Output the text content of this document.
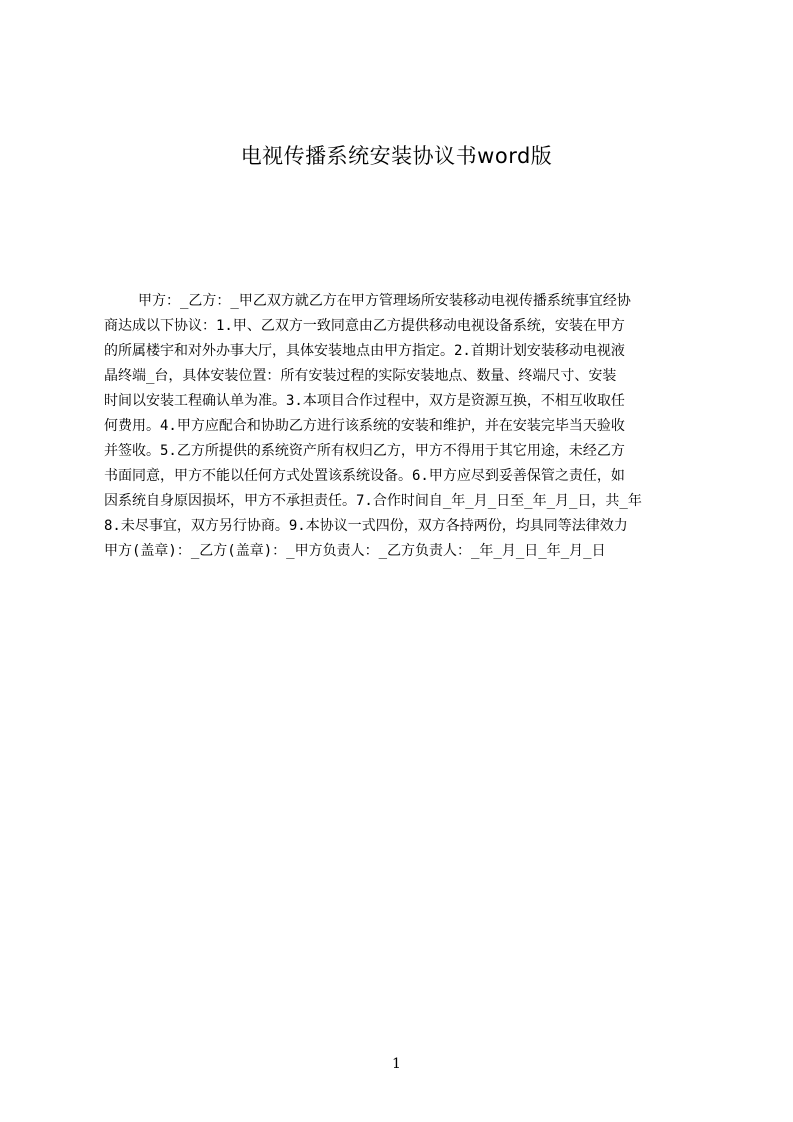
电视传播系统安装协议书word版
甲方：_乙方：_甲乙双方就乙方在甲方管理场所安装移动电视传播系统事宜经协
商达成以下协议：1.甲、乙双方一致同意由乙方提供移动电视设备系统，安装在甲方
的所属楼宇和对外办事大厅，具体安装地点由甲方指定。2.首期计划安装移动电视液
晶终端_台，具体安装位置：所有安装过程的实际安装地点、数量、终端尺寸、安装
时间以安装工程确认单为准。3.本项目合作过程中，双方是资源互换，不相互收取任
何费用。4.甲方应配合和协助乙方进行该系统的安装和维护，并在安装完毕当天验收
并签收。5.乙方所提供的系统资产所有权归乙方，甲方不得用于其它用途，未经乙方
书面同意，甲方不能以任何方式处置该系统设备。6.甲方应尽到妥善保管之责任，如
因系统自身原因损坏，甲方不承担责任。7.合作时间自_年_月_日至_年_月_日，共_年
8.未尽事宜，双方另行协商。9.本协议一式四份，双方各持两份，均具同等法律效力
甲方(盖章)：_乙方(盖章)：_甲方负责人：_乙方负责人：_年_月_日_年_月_日
1
